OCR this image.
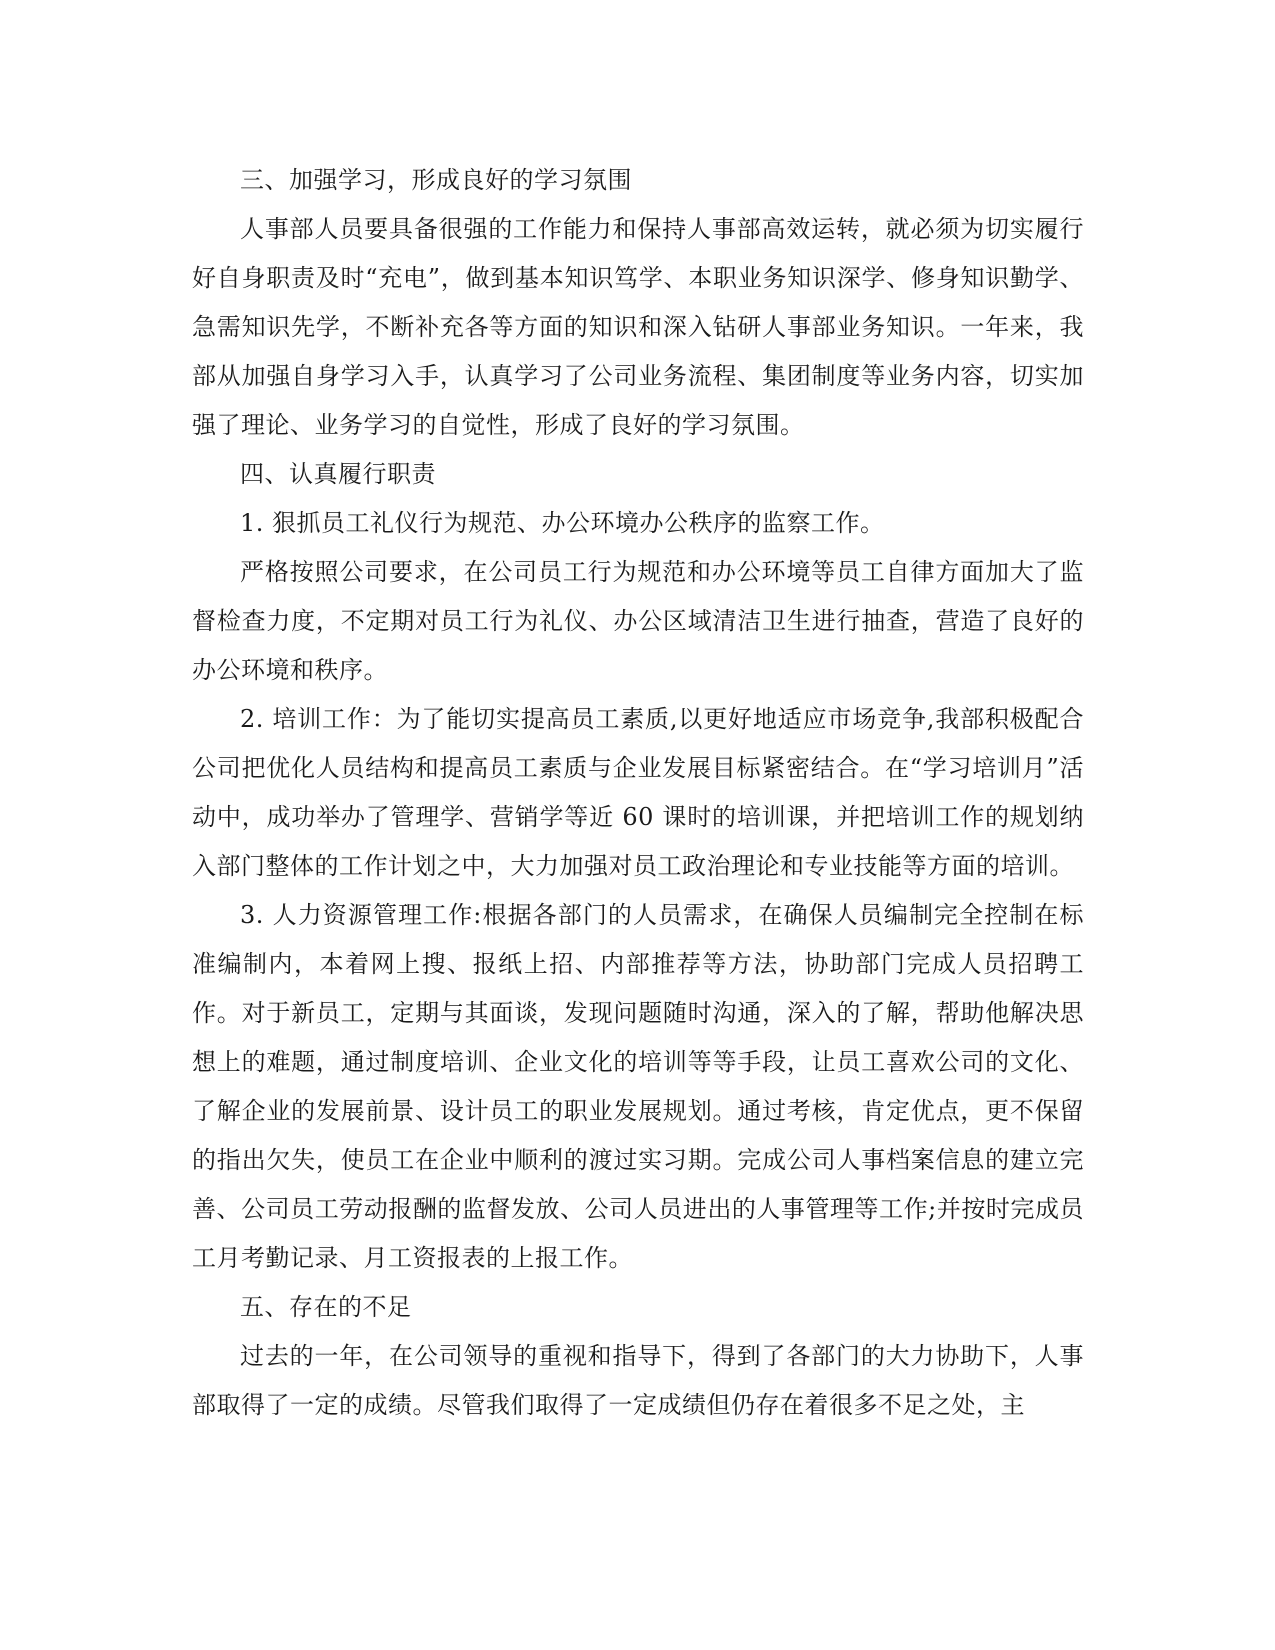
三、加强学习，形成良好的学习氛围

人事部人员要具备很强的工作能力和保持人事部高效运转，就必须为切实履行好自身职责及时“充电”，做到基本知识笃学、本职业务知识深学、修身知识勤学、急需知识先学，不断补充各等方面的知识和深入钻研人事部业务知识。一年来，我部从加强自身学习入手，认真学习了公司业务流程、集团制度等业务内容，切实加强了理论、业务学习的自觉性，形成了良好的学习氛围。

四、认真履行职责

1. 狠抓员工礼仪行为规范、办公环境办公秩序的监察工作。

严格按照公司要求，在公司员工行为规范和办公环境等员工自律方面加大了监督检查力度，不定期对员工行为礼仪、办公区域清洁卫生进行抽查，营造了良好的办公环境和秩序。

2. 培训工作：为了能切实提高员工素质,以更好地适应市场竞争,我部积极配合公司把优化人员结构和提高员工素质与企业发展目标紧密结合。在“学习培训月”活动中，成功举办了管理学、营销学等近 60 课时的培训课，并把培训工作的规划纳入部门整体的工作计划之中，大力加强对员工政治理论和专业技能等方面的培训。

3. 人力资源管理工作:根据各部门的人员需求，在确保人员编制完全控制在标准编制内，本着网上搜、报纸上招、内部推荐等方法，协助部门完成人员招聘工作。对于新员工，定期与其面谈，发现问题随时沟通，深入的了解，帮助他解决思想上的难题，通过制度培训、企业文化的培训等等手段，让员工喜欢公司的文化、了解企业的发展前景、设计员工的职业发展规划。通过考核，肯定优点，更不保留的指出欠失，使员工在企业中顺利的渡过实习期。完成公司人事档案信息的建立完善、公司员工劳动报酬的监督发放、公司人员进出的人事管理等工作;并按时完成员工月考勤记录、月工资报表的上报工作。

五、存在的不足

过去的一年，在公司领导的重视和指导下，得到了各部门的大力协助下，人事部取得了一定的成绩。尽管我们取得了一定成绩但仍存在着很多不足之处，主
